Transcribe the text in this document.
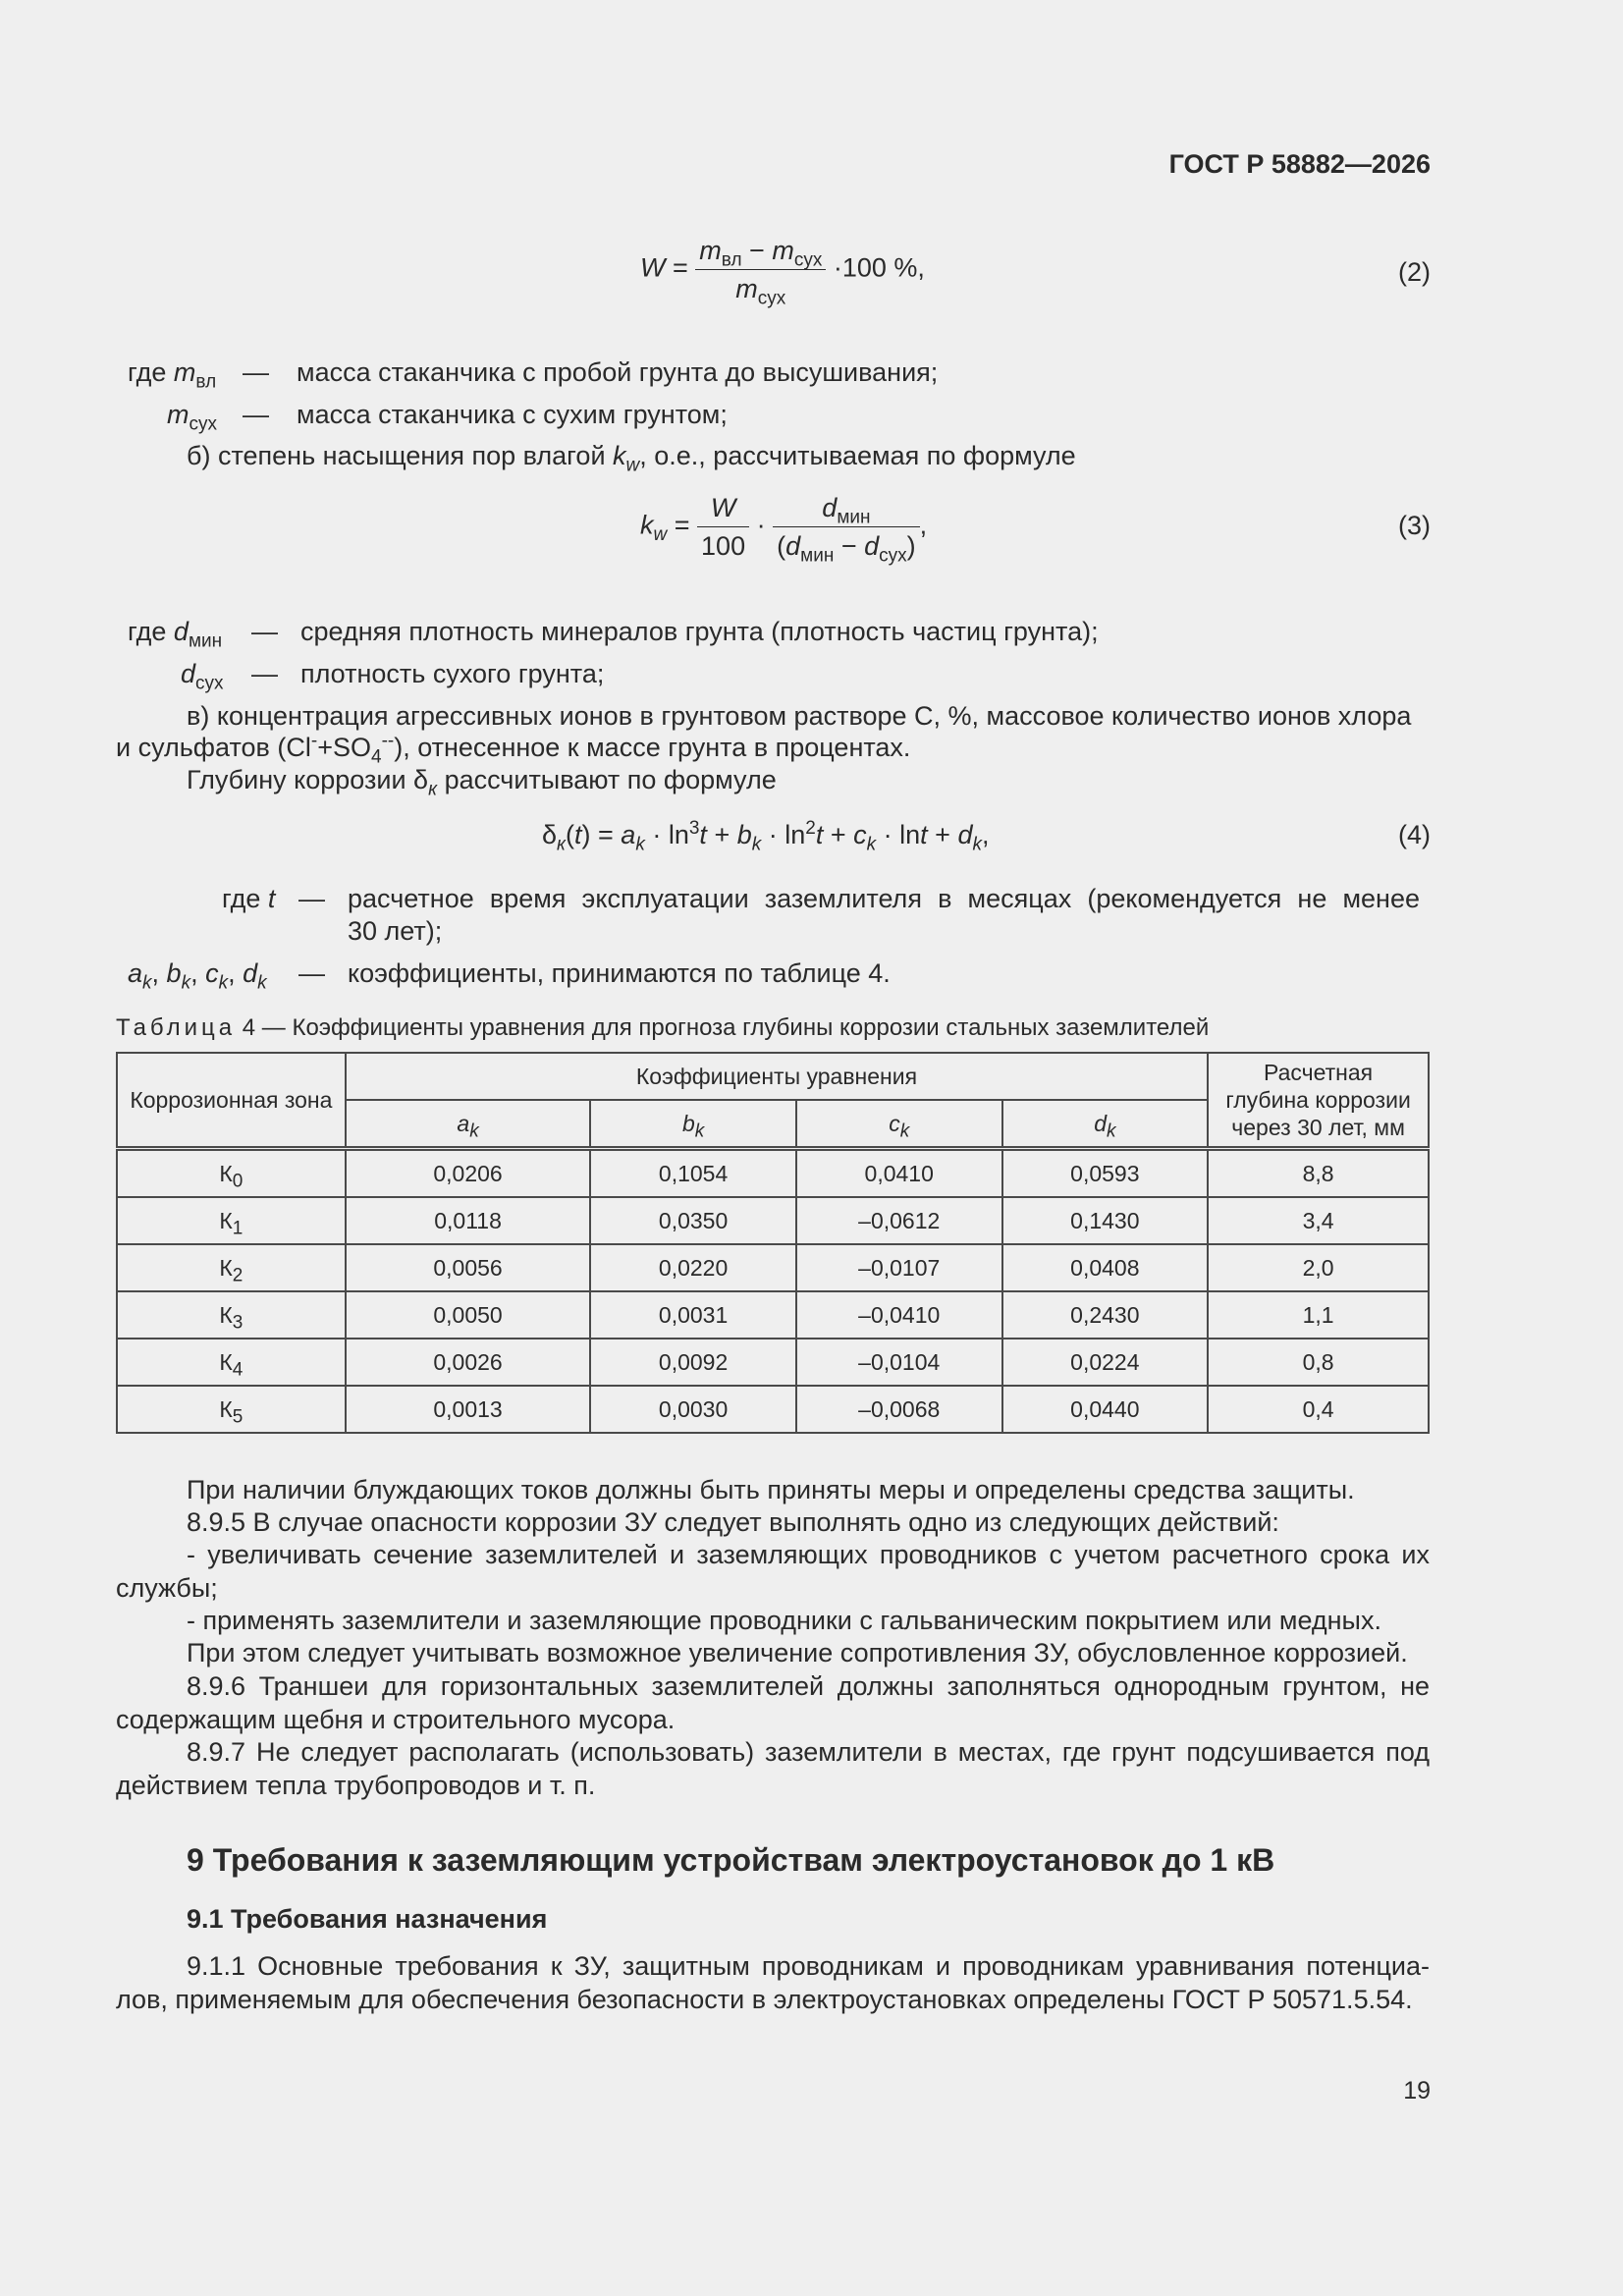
ГОСТ Р 58882—2026
$W = \frac{m_{вл} - m_{сух}}{m_{сух}} \cdot 100$ %,	(2)
где $m_{вл}$ — масса стаканчика с пробой грунта до высушивания;
$m_{сух}$ — масса стаканчика с сухим грунтом;
б) степень насыщения пор влагой $k_w$, о.е., рассчитываемая по формуле
$k_w = \frac{W}{100} \cdot \frac{d_{мин}}{(d_{мин} - d_{сух})}$ ,	(3)
где $d_{мин}$ — средняя плотность минералов грунта (плотность частиц грунта);
$d_{сух}$ — плотность сухого грунта;
в) концентрация агрессивных ионов в грунтовом растворе С, %, массовое количество ионов хлора
и сульфатов $(Cl^-+SO_4^{--})$, отнесенное к массе грунта в процентах.
Глубину коррозии $\delta_к$ рассчитывают по формуле
$\delta_к(t) = a_k \cdot \ln^3t + b_k \cdot \ln^2t + c_k \cdot \ln t + d_k$,	(4)
где t — расчетное время эксплуатации заземлителя в месяцах (рекомендуется не менее
30 лет);
$a_k$, $b_k$, $c_k$, $d_k$ — коэффициенты, принимаются по таблице 4.
Таблица 4 — Коэффициенты уравнения для прогноза глубины коррозии стальных заземлителей
Коррозионная зона	Коэффициенты уравнения				Расчетная глубина коррозии через 30 лет, мм
	$a_k$	$b_k$	$c_k$	$d_k$
$К_0$	0,0206	0,1054	0,0410	0,0593	8,8
$К_1$	0,0118	0,0350	–0,0612	0,1430	3,4
$К_2$	0,0056	0,0220	–0,0107	0,0408	2,0
$К_3$	0,0050	0,0031	–0,0410	0,2430	1,1
$К_4$	0,0026	0,0092	–0,0104	0,0224	0,8
$К_5$	0,0013	0,0030	–0,0068	0,0440	0,4
При наличии блуждающих токов должны быть приняты меры и определены средства защиты.
8.9.5 В случае опасности коррозии ЗУ следует выполнять одно из следующих действий:
- увеличивать сечение заземлителей и заземляющих проводников с учетом расчетного срока их службы;
- применять заземлители и заземляющие проводники с гальваническим покрытием или медных.
При этом следует учитывать возможное увеличение сопротивления ЗУ, обусловленное коррозией.
8.9.6 Траншеи для горизонтальных заземлителей должны заполняться однородным грунтом, не содержащим щебня и строительного мусора.
8.9.7 Не следует располагать (использовать) заземлители в местах, где грунт подсушивается под действием тепла трубопроводов и т. п.
9 Требования к заземляющим устройствам электроустановок до 1 кВ
9.1 Требования назначения
9.1.1 Основные требования к ЗУ, защитным проводникам и проводникам уравнивания потенциа-лов, применяемым для обеспечения безопасности в электроустановках определены ГОСТ Р 50571.5.54.
19
